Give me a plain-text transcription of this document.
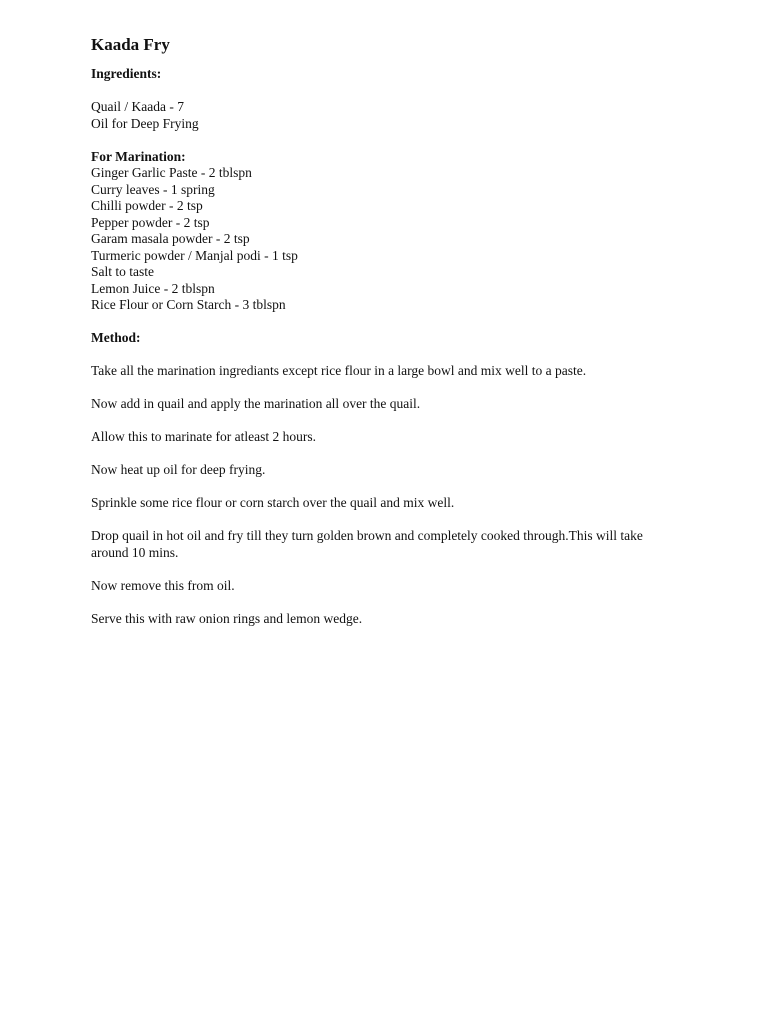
Kaada Fry

Ingredients:

Quail / Kaada - 7
Oil for Deep Frying

For Marination:

Ginger Garlic Paste - 2 tblspn
Curry leaves - 1 spring
Chilli powder - 2 tsp
Pepper powder - 2 tsp
Garam masala powder - 2 tsp
Turmeric powder / Manjal podi - 1 tsp
Salt to taste
Lemon Juice - 2 tblspn
Rice Flour or Corn Starch - 3 tblspn

Method:

Take all the marination ingrediants except rice flour in a large bowl and mix well to a paste.

Now add in quail and apply the marination all over the quail.

Allow this to marinate for atleast 2 hours.

Now heat up oil for deep frying.

Sprinkle some rice flour or corn starch over the quail and mix well.

Drop quail in hot oil and fry till they turn golden brown and completely cooked through.This will take around 10 mins.

Now remove this from oil.

Serve this with raw onion rings and lemon wedge.
